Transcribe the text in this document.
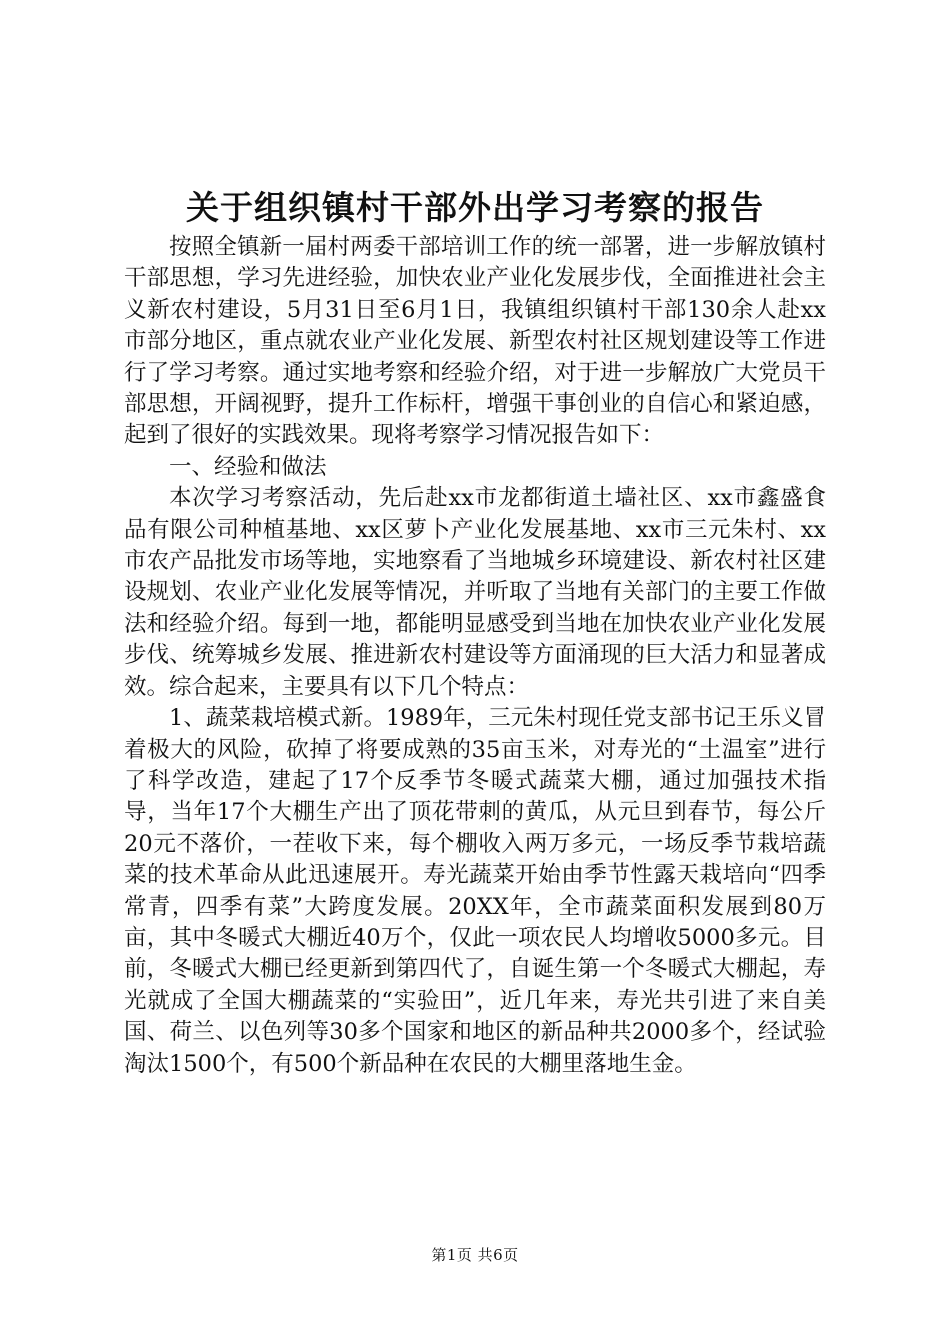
关于组织镇村干部外出学习考察的报告

按照全镇新一届村两委干部培训工作的统一部署，进一步解放镇村干部思想，学习先进经验，加快农业产业化发展步伐，全面推进社会主义新农村建设，5月31日至6月1日，我镇组织镇村干部130余人赴xx市部分地区，重点就农业产业化发展、新型农村社区规划建设等工作进行了学习考察。通过实地考察和经验介绍，对于进一步解放广大党员干部思想，开阔视野，提升工作标杆，增强干事创业的自信心和紧迫感，起到了很好的实践效果。现将考察学习情况报告如下：

一、经验和做法

本次学习考察活动，先后赴xx市龙都街道土墙社区、xx市鑫盛食品有限公司种植基地、xx区萝卜产业化发展基地、xx市三元朱村、xx市农产品批发市场等地，实地察看了当地城乡环境建设、新农村社区建设规划、农业产业化发展等情况，并听取了当地有关部门的主要工作做法和经验介绍。每到一地，都能明显感受到当地在加快农业产业化发展步伐、统筹城乡发展、推进新农村建设等方面涌现的巨大活力和显著成效。综合起来，主要具有以下几个特点：

1、蔬菜栽培模式新。1989年，三元朱村现任党支部书记王乐义冒着极大的风险，砍掉了将要成熟的35亩玉米，对寿光的“土温室”进行了科学改造，建起了17个反季节冬暖式蔬菜大棚，通过加强技术指导，当年17个大棚生产出了顶花带刺的黄瓜，从元旦到春节，每公斤20元不落价，一茬收下来，每个棚收入两万多元，一场反季节栽培蔬菜的技术革命从此迅速展开。寿光蔬菜开始由季节性露天栽培向“四季常青，四季有菜”大跨度发展。20XX年，全市蔬菜面积发展到80万亩，其中冬暖式大棚近40万个，仅此一项农民人均增收5000多元。目前，冬暖式大棚已经更新到第四代了，自诞生第一个冬暖式大棚起，寿光就成了全国大棚蔬菜的“实验田”，近几年来，寿光共引进了来自美国、荷兰、以色列等30多个国家和地区的新品种共2000多个，经试验淘汰1500个，有500个新品种在农民的大棚里落地生金。

第1页 共6页
